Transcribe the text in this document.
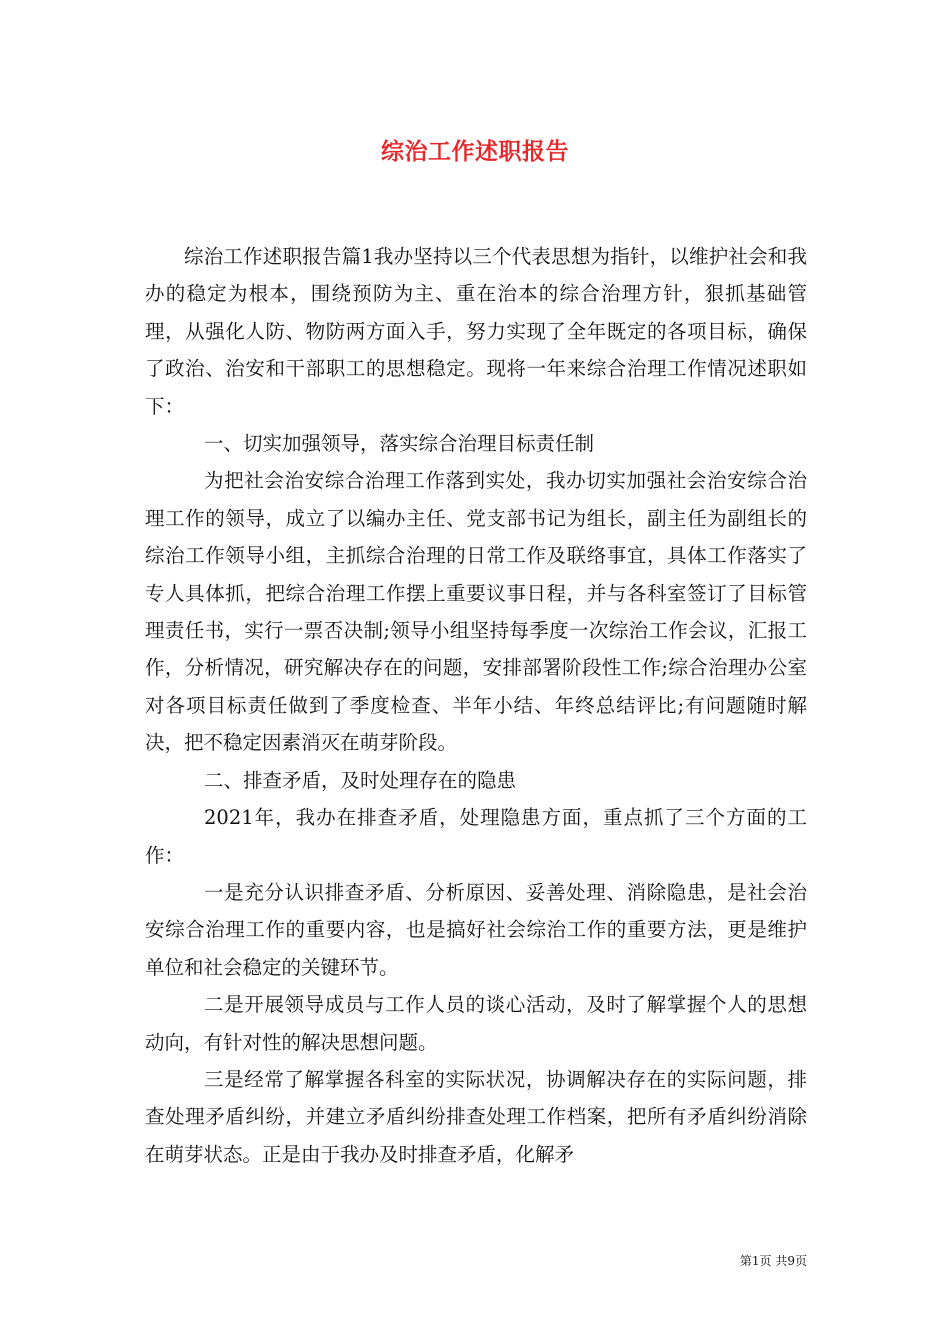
综治工作述职报告

综治工作述职报告篇1我办坚持以三个代表思想为指针，以维护社会和我办的稳定为根本，围绕预防为主、重在治本的综合治理方针，狠抓基础管理，从强化人防、物防两方面入手，努力实现了全年既定的各项目标，确保了政治、治安和干部职工的思想稳定。现将一年来综合治理工作情况述职如下：

一、切实加强领导，落实综合治理目标责任制

为把社会治安综合治理工作落到实处，我办切实加强社会治安综合治理工作的领导，成立了以编办主任、党支部书记为组长，副主任为副组长的综治工作领导小组，主抓综合治理的日常工作及联络事宜，具体工作落实了专人具体抓，把综合治理工作摆上重要议事日程，并与各科室签订了目标管理责任书，实行一票否决制;领导小组坚持每季度一次综治工作会议，汇报工作，分析情况，研究解决存在的问题，安排部署阶段性工作;综合治理办公室对各项目标责任做到了季度检查、半年小结、年终总结评比;有问题随时解决，把不稳定因素消灭在萌芽阶段。

二、排查矛盾，及时处理存在的隐患

2021年，我办在排查矛盾，处理隐患方面，重点抓了三个方面的工作：

一是充分认识排查矛盾、分析原因、妥善处理、消除隐患，是社会治安综合治理工作的重要内容，也是搞好社会综治工作的重要方法，更是维护单位和社会稳定的关键环节。

二是开展领导成员与工作人员的谈心活动，及时了解掌握个人的思想动向，有针对性的解决思想问题。

三是经常了解掌握各科室的实际状况，协调解决存在的实际问题，排查处理矛盾纠纷，并建立矛盾纠纷排查处理工作档案，把所有矛盾纠纷消除在萌芽状态。正是由于我办及时排查矛盾，化解矛

第1页 共9页
